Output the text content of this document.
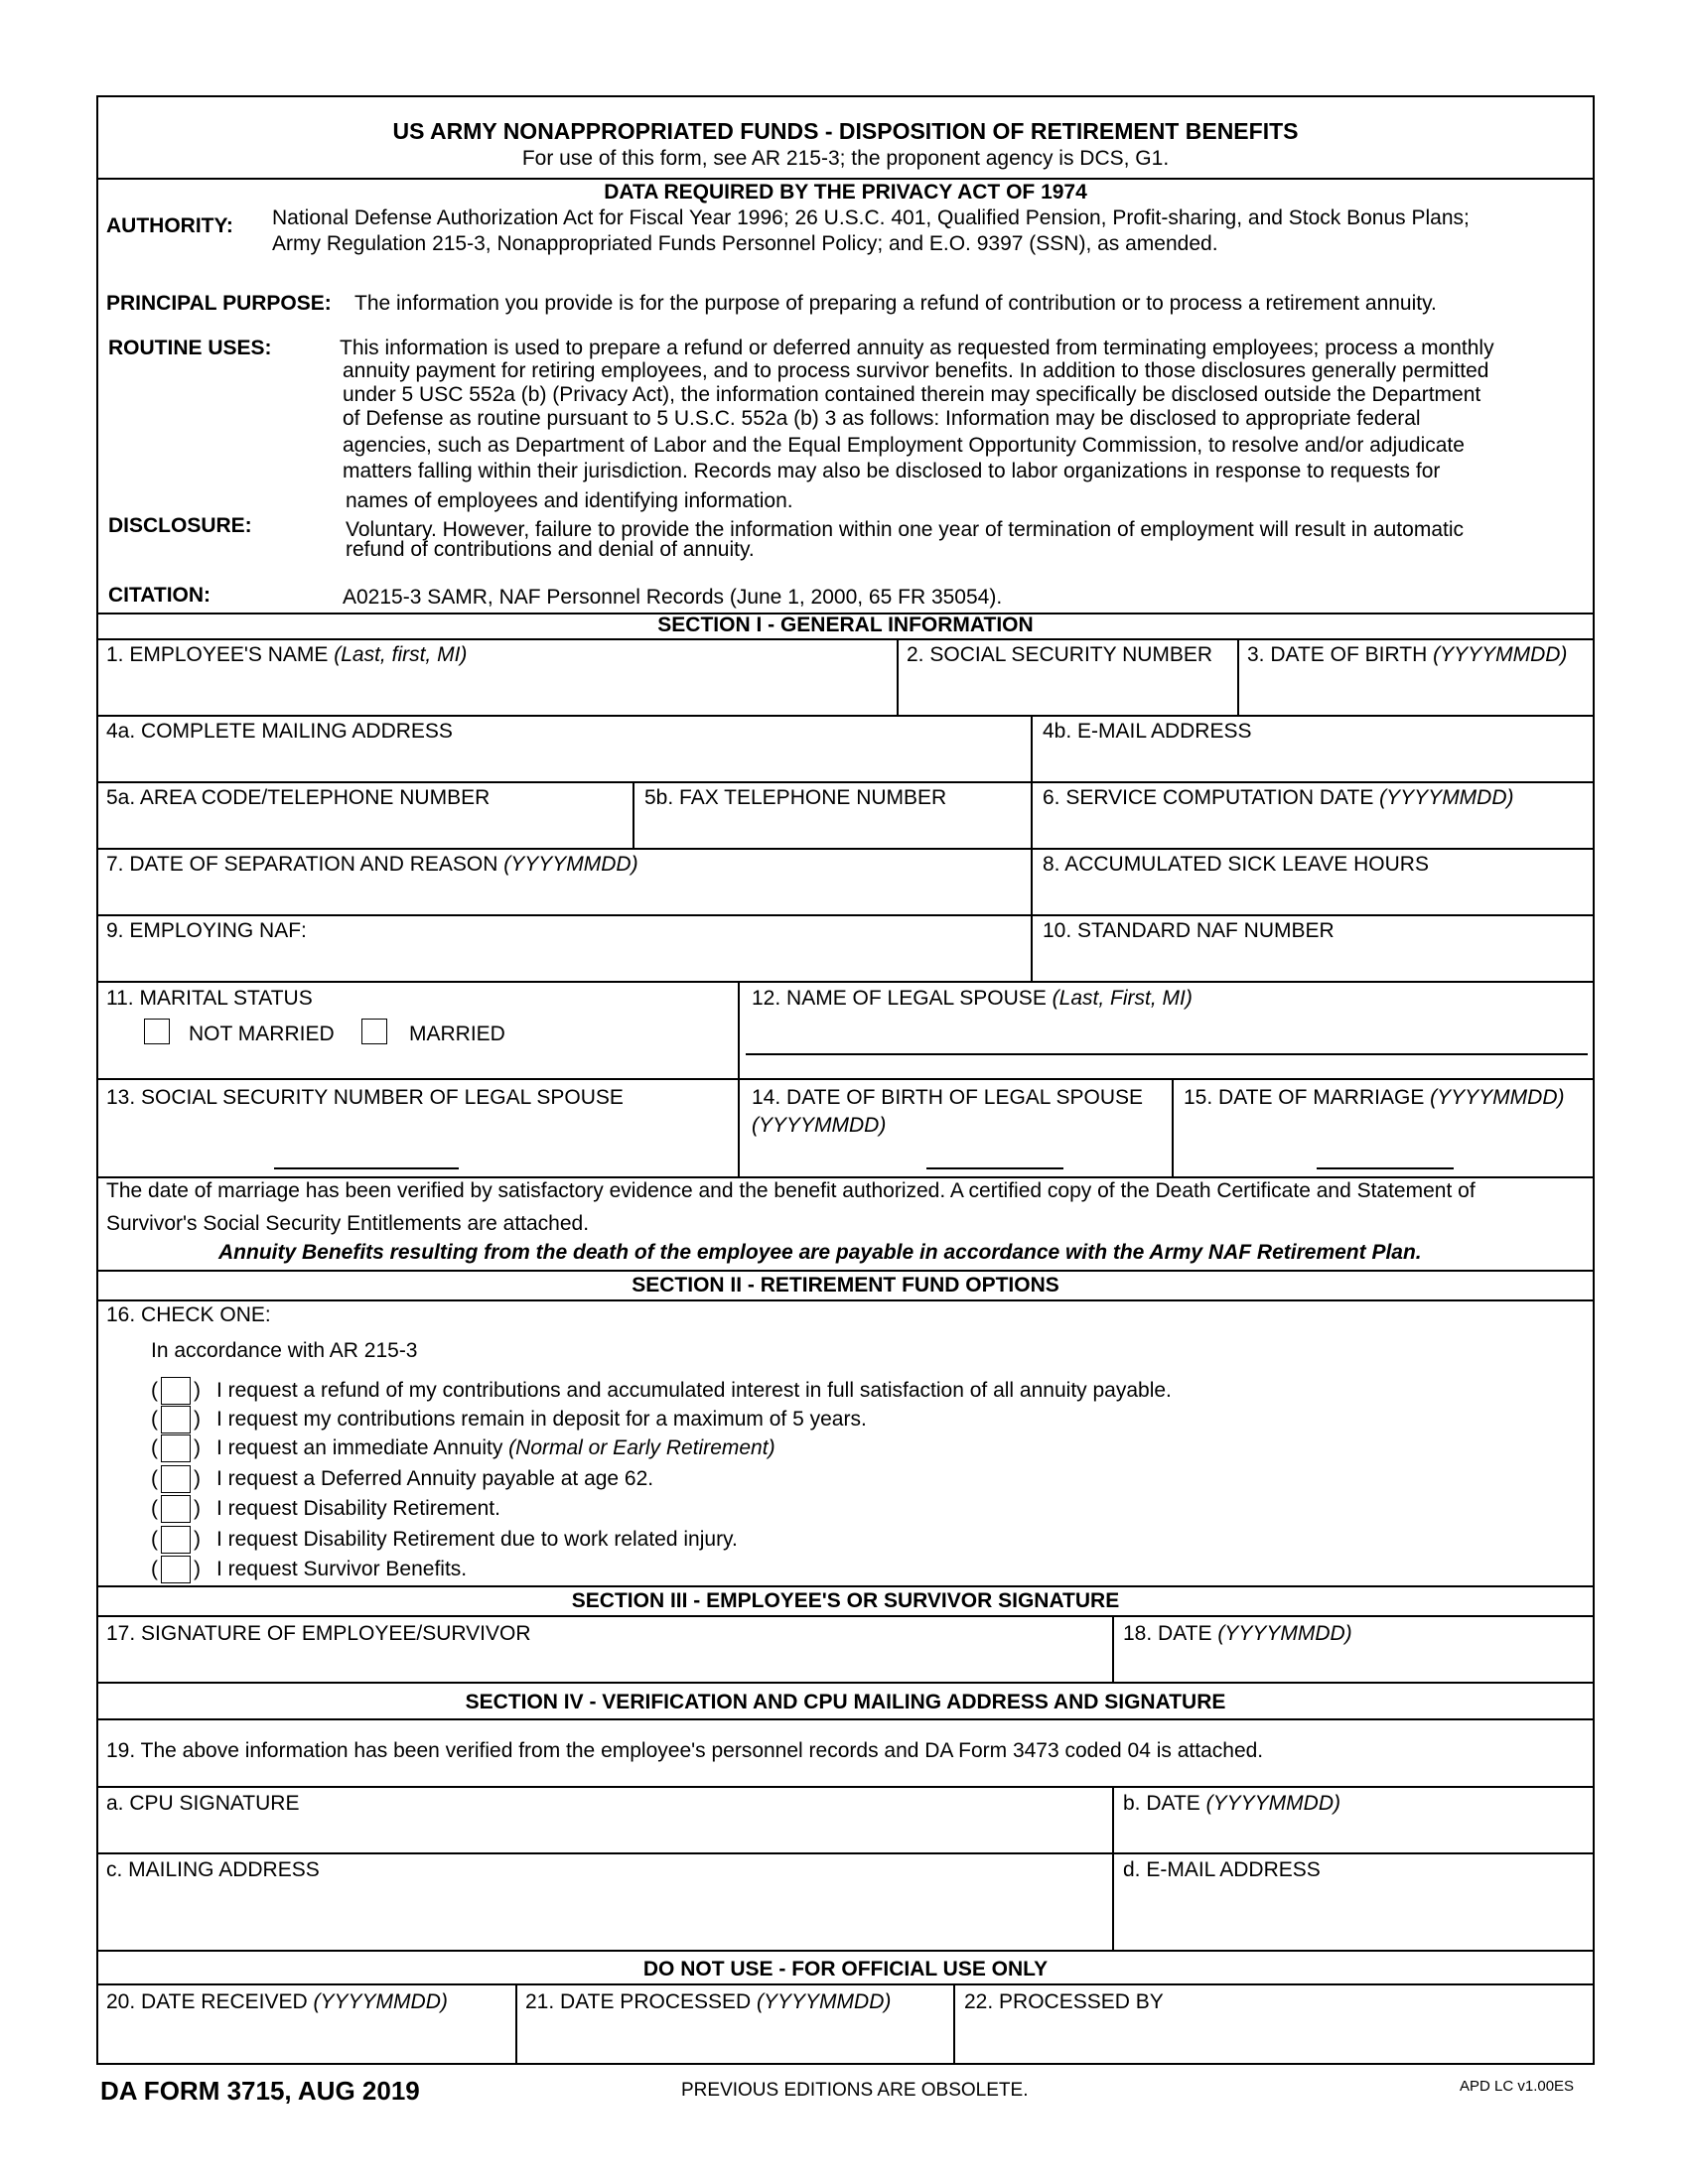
US ARMY NONAPPROPRIATED FUNDS - DISPOSITION OF RETIREMENT BENEFITS
For use of this form, see AR 215-3; the proponent agency is DCS, G1.
DATA REQUIRED BY THE PRIVACY ACT OF 1974
AUTHORITY: National Defense Authorization Act for Fiscal Year 1996; 26 U.S.C. 401, Qualified Pension, Profit-sharing, and Stock Bonus Plans;
Army Regulation 215-3, Nonappropriated Funds Personnel Policy; and E.O. 9397 (SSN), as amended.
PRINCIPAL PURPOSE: The information you provide is for the purpose of preparing a refund of contribution or to process a retirement annuity.
ROUTINE USES:	This information is used to prepare a refund or deferred annuity as requested from terminating employees; process a monthly
annuity payment for retiring employees, and to process survivor benefits. In addition to those disclosures generally permitted
under 5 USC 552a (b) (Privacy Act), the information contained therein may specifically be disclosed outside the Department
of Defense as routine pursuant to 5 U.S.C. 552a (b) 3 as follows: Information may be disclosed to appropriate federal
agencies, such as Department of Labor and the Equal Employment Opportunity Commission, to resolve and/or adjudicate
matters falling within their jurisdiction. Records may also be disclosed to labor organizations in response to requests for
names of employees and identifying information.
DISCLOSURE:	Voluntary. However, failure to provide the information within one year of termination of employment will result in automatic
refund of contributions and denial of annuity.
CITATION:	A0215-3 SAMR, NAF Personnel Records (June 1, 2000, 65 FR 35054).
SECTION I - GENERAL INFORMATION
1. EMPLOYEE'S NAME (Last, first, MI)	2. SOCIAL SECURITY NUMBER 3. DATE OF BIRTH (YYYYMMDD)
4a. COMPLETE MAILING ADDRESS	4b. E-MAIL ADDRESS
5a. AREA CODE/TELEPHONE NUMBER	5b. FAX TELEPHONE NUMBER	6. SERVICE COMPUTATION DATE (YYYYMMDD)
7. DATE OF SEPARATION AND REASON (YYYYMMDD)	8. ACCUMULATED SICK LEAVE HOURS
9. EMPLOYING NAF:	10. STANDARD NAF NUMBER
11. MARITAL STATUS
NOT MARRIED	MARRIED
12. NAME OF LEGAL SPOUSE (Last, First, MI)
13. SOCIAL SECURITY NUMBER OF LEGAL SPOUSE	14. DATE OF BIRTH OF LEGAL SPOUSE
(YYYYMMDD)
15. DATE OF MARRIAGE (YYYYMMDD)
The date of marriage has been verified by satisfactory evidence and the benefit authorized. A certified copy of the Death Certificate and Statement of
Survivor's Social Security Entitlements are attached.
Annuity Benefits resulting from the death of the employee are payable in accordance with the Army NAF Retirement Plan.
SECTION II - RETIREMENT FUND OPTIONS
16. CHECK ONE:
In accordance with AR 215-3
( ) I request a refund of my contributions and accumulated interest in full satisfaction of all annuity payable.
( ) I request my contributions remain in deposit for a maximum of 5 years.
( ) I request an immediate Annuity (Normal or Early Retirement)
( ) I request a Deferred Annuity payable at age 62.
( ) I request Disability Retirement.
( ) I request Disability Retirement due to work related injury.
( ) I request Survivor Benefits.
SECTION III - EMPLOYEE'S OR SURVIVOR SIGNATURE
17. SIGNATURE OF EMPLOYEE/SURVIVOR	18. DATE (YYYYMMDD)
SECTION IV - VERIFICATION AND CPU MAILING ADDRESS AND SIGNATURE
19. The above information has been verified from the employee's personnel records and DA Form 3473 coded 04 is attached.
a. CPU SIGNATURE	b. DATE (YYYYMMDD)
c. MAILING ADDRESS	d. E-MAIL ADDRESS
DO NOT USE - FOR OFFICIAL USE ONLY
20. DATE RECEIVED (YYYYMMDD)	21. DATE PROCESSED (YYYYMMDD)	22. PROCESSED BY
DA FORM 3715, AUG 2019	PREVIOUS EDITIONS ARE OBSOLETE.	APD LC v1.00ES
